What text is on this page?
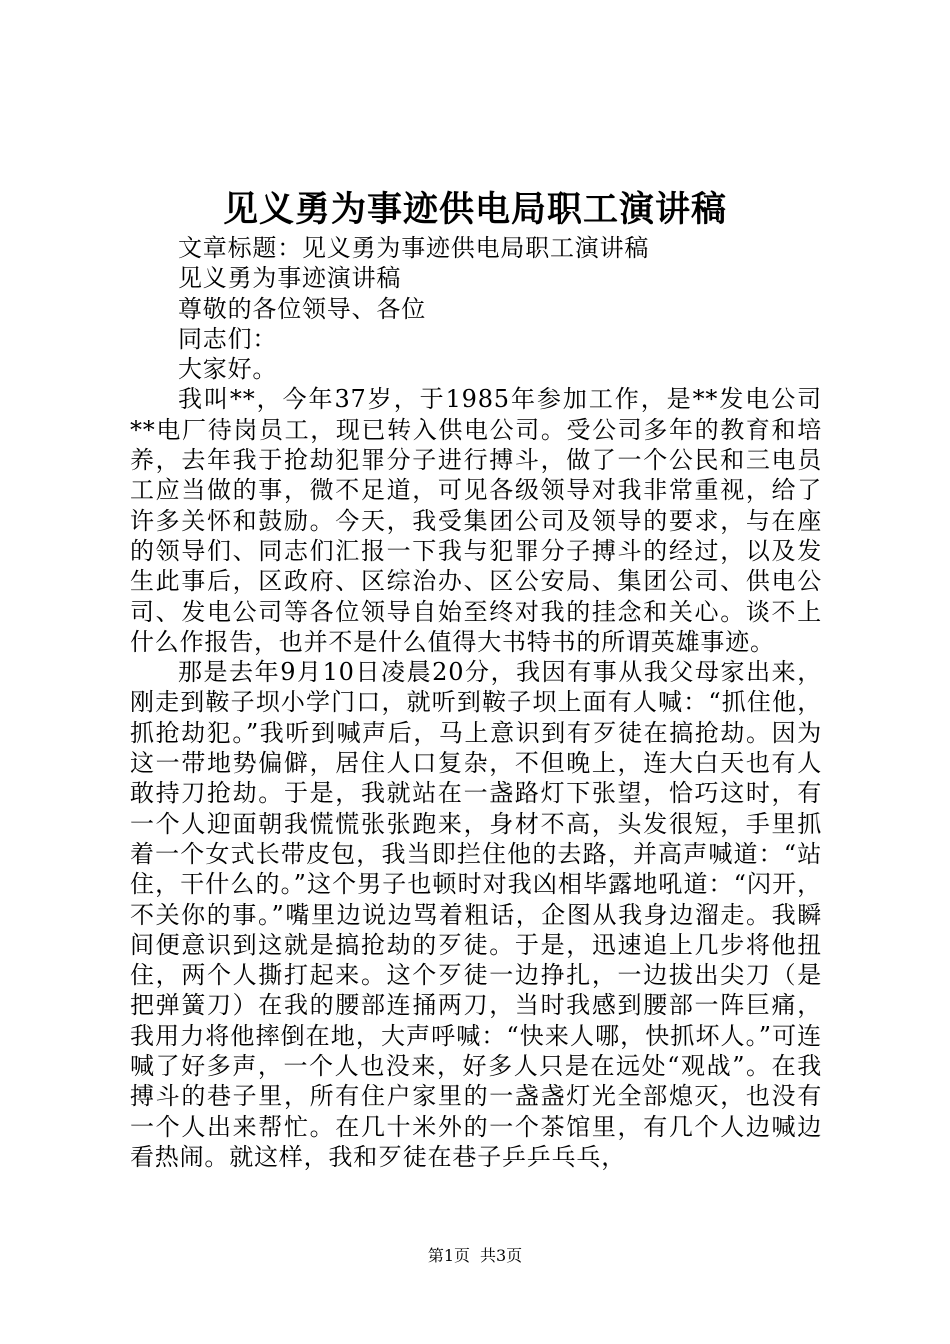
见义勇为事迹供电局职工演讲稿

文章标题：见义勇为事迹供电局职工演讲稿

见义勇为事迹演讲稿

尊敬的各位领导、各位

同志们：

大家好。

我叫**，今年37岁，于1985年参加工作，是**发电公司**电厂待岗员工，现已转入供电公司。受公司多年的教育和培养，去年我于抢劫犯罪分子进行搏斗，做了一个公民和三电员工应当做的事，微不足道，可见各级领导对我非常重视，给了许多关怀和鼓励。今天，我受集团公司及领导的要求，与在座的领导们、同志们汇报一下我与犯罪分子搏斗的经过，以及发生此事后，区政府、区综治办、区公安局、集团公司、供电公司、发电公司等各位领导自始至终对我的挂念和关心。谈不上什么作报告，也并不是什么值得大书特书的所谓英雄事迹。

那是去年9月10日凌晨20分，我因有事从我父母家出来，刚走到鞍子坝小学门口，就听到鞍子坝上面有人喊：“抓住他，抓抢劫犯。”我听到喊声后，马上意识到有歹徒在搞抢劫。因为这一带地势偏僻，居住人口复杂，不但晚上，连大白天也有人敢持刀抢劫。于是，我就站在一盏路灯下张望，恰巧这时，有一个人迎面朝我慌慌张张跑来，身材不高，头发很短，手里抓着一个女式长带皮包，我当即拦住他的去路，并高声喊道：“站住，干什么的。”这个男子也顿时对我凶相毕露地吼道：“闪开，不关你的事。”嘴里边说边骂着粗话，企图从我身边溜走。我瞬间便意识到这就是搞抢劫的歹徒。于是，迅速追上几步将他扭住，两个人撕打起来。这个歹徒一边挣扎，一边拔出尖刀（是把弹簧刀）在我的腰部连捅两刀，当时我感到腰部一阵巨痛，我用力将他摔倒在地，大声呼喊：“快来人哪，快抓坏人。”可连喊了好多声，一个人也没来，好多人只是在远处“观战”。在我搏斗的巷子里，所有住户家里的一盏盏灯光全部熄灭，也没有一个人出来帮忙。在几十米外的一个茶馆里，有几个人边喊边看热闹。就这样，我和歹徒在巷子乒乒乓乓，

第1页 共3页
